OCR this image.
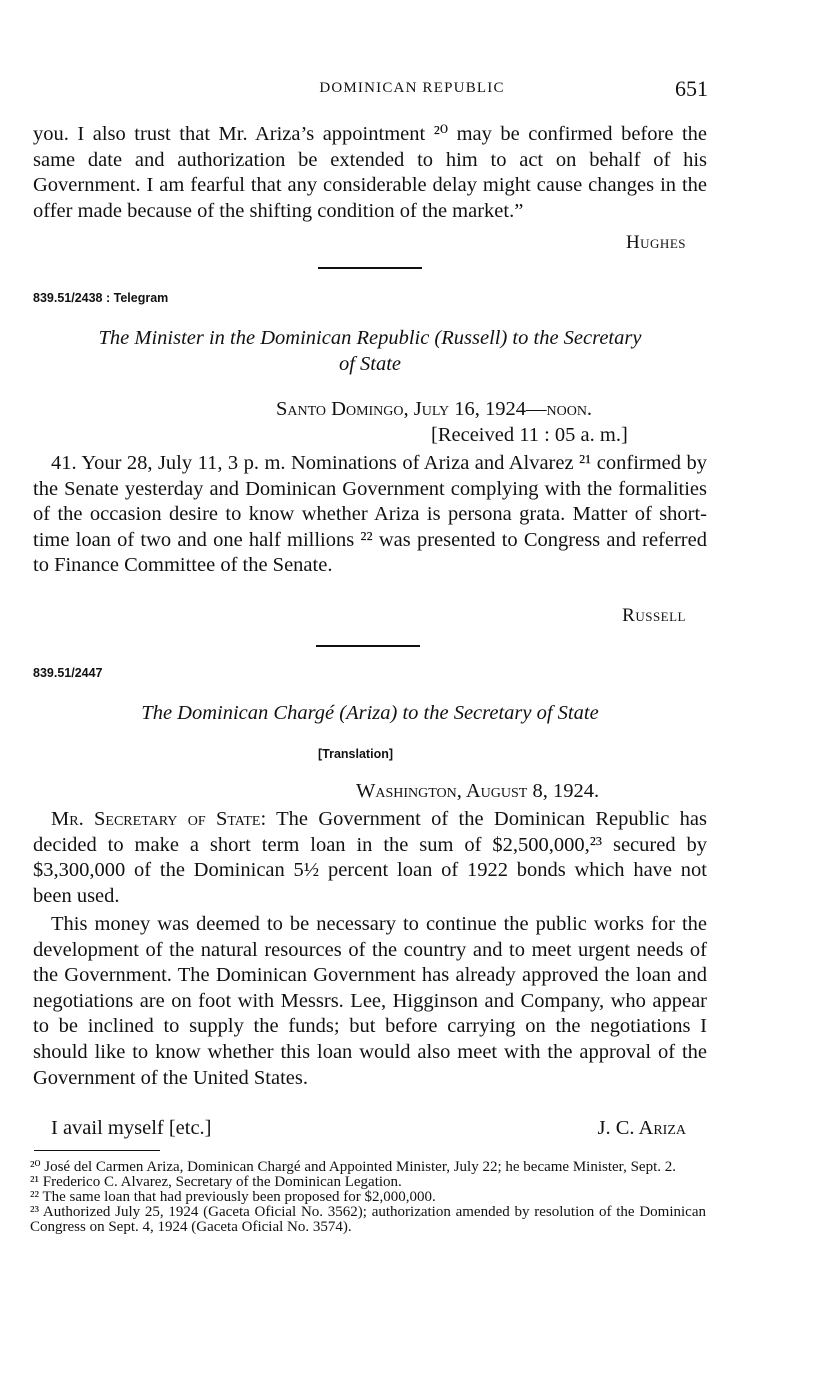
DOMINICAN REPUBLIC	651

you. I also trust that Mr. Ariza’s appointment ²⁰ may be confirmed before the same date and authorization be extended to him to act on behalf of his Government. I am fearful that any considerable delay might cause changes in the offer made because of the shifting condition of the market.”

Hughes
839.51/2438 : Telegram
The Minister in the Dominican Republic (Russell) to the Secretary
of State
Santo Domingo, July 16, 1924—noon.
[Received 11 : 05 a. m.]

41. Your 28, July 11, 3 p. m. Nominations of Ariza and Alvarez ²¹ confirmed by the Senate yesterday and Dominican Government complying with the formalities of the occasion desire to know whether Ariza is persona grata. Matter of short-time loan of two and one half millions ²² was presented to Congress and referred to Finance Committee of the Senate.

Russell
839.51/2447
The Dominican Chargé (Ariza) to the Secretary of State
[Translation]
Washington, August 8, 1924.

Mr. Secretary of State: The Government of the Dominican Republic has decided to make a short term loan in the sum of $2,500,000,²³ secured by $3,300,000 of the Dominican 5½ percent loan of 1922 bonds which have not been used.

This money was deemed to be necessary to continue the public works for the development of the natural resources of the country and to meet urgent needs of the Government. The Dominican Government has already approved the loan and negotiations are on foot with Messrs. Lee, Higginson and Company, who appear to be inclined to supply the funds; but before carrying on the negotiations I should like to know whether this loan would also meet with the approval of the Government of the United States.

I avail myself [etc.]	J. C. Ariza

²⁰ José del Carmen Ariza, Dominican Chargé and Appointed Minister, July 22; he became Minister, Sept. 2.

²¹ Frederico C. Alvarez, Secretary of the Dominican Legation.

²² The same loan that had previously been proposed for $2,000,000.

²³ Authorized July 25, 1924 (Gaceta Oficial No. 3562); authorization amended by resolution of the Dominican Congress on Sept. 4, 1924 (Gaceta Oficial No. 3574).
